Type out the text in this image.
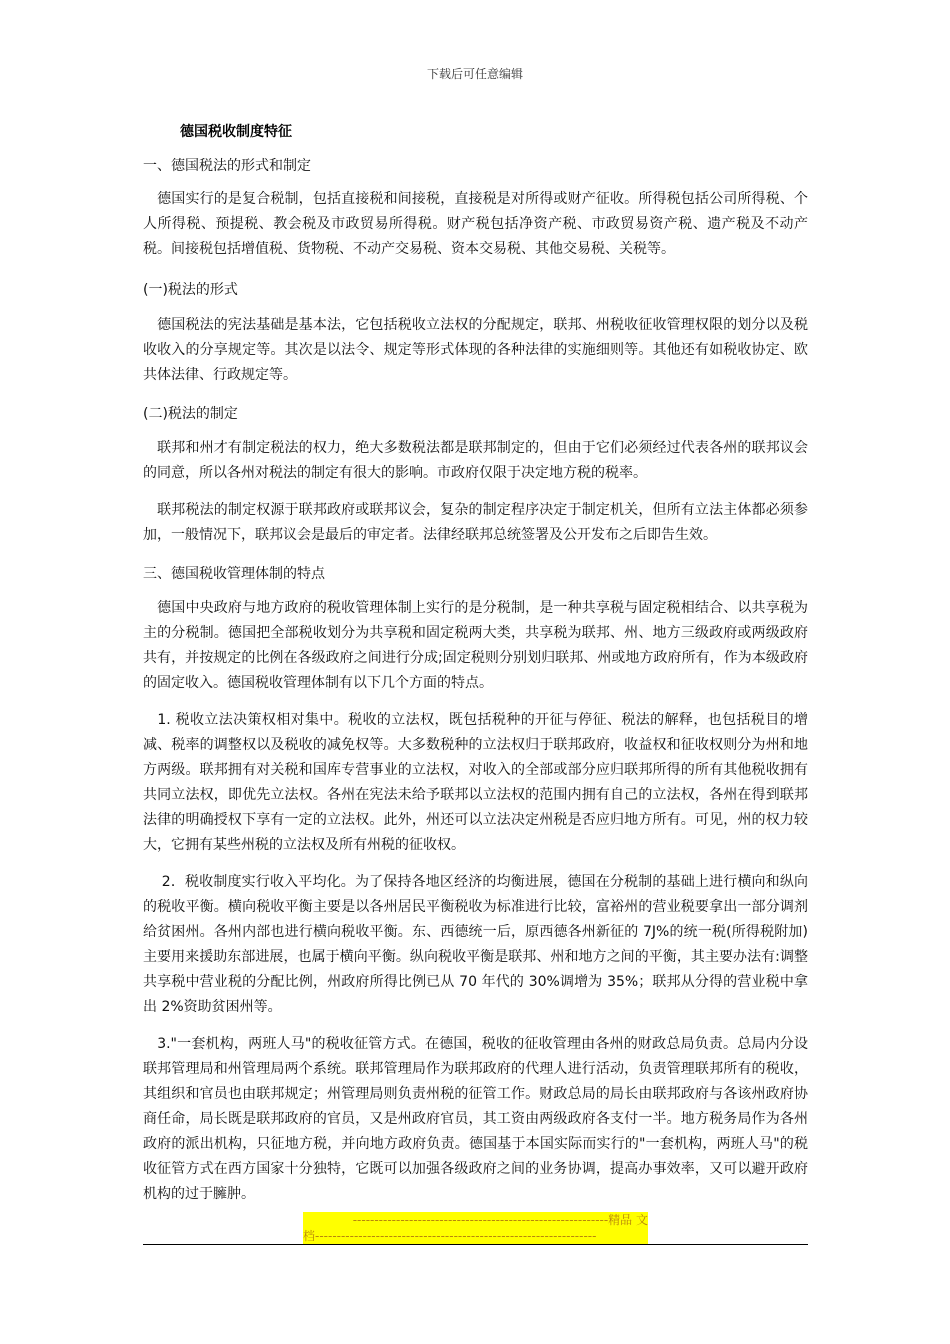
下载后可任意编辑
德国税收制度特征
一、德国税法的形式和制定

　德国实行的是复合税制，包括直接税和间接税，直接税是对所得或财产征收。所得税包括公司所得税、个人所得税、预提税、教会税及市政贸易所得税。财产税包括净资产税、市政贸易资产税、遗产税及不动产税。间接税包括增值税、货物税、不动产交易税、资本交易税、其他交易税、关税等。

(一)税法的形式

　德国税法的宪法基础是基本法，它包括税收立法权的分配规定，联邦、州税收征收管理权限的划分以及税收收入的分享规定等。其次是以法令、规定等形式体现的各种法律的实施细则等。其他还有如税收协定、欧共体法律、行政规定等。

(二)税法的制定

　联邦和州才有制定税法的权力，绝大多数税法都是联邦制定的，但由于它们必须经过代表各州的联邦议会的同意，所以各州对税法的制定有很大的影响。市政府仅限于决定地方税的税率。

　联邦税法的制定权源于联邦政府或联邦议会，复杂的制定程序决定于制定机关，但所有立法主体都必须参加，一般情况下，联邦议会是最后的审定者。法律经联邦总统签署及公开发布之后即告生效。

三、德国税收管理体制的特点

　德国中央政府与地方政府的税收管理体制上实行的是分税制，是一种共享税与固定税相结合、以共享税为主的分税制。德国把全部税收划分为共享税和固定税两大类，共享税为联邦、州、地方三级政府或两级政府共有，并按规定的比例在各级政府之间进行分成;固定税则分别划归联邦、州或地方政府所有，作为本级政府的固定收入。德国税收管理体制有以下几个方面的特点。

　1. 税收立法决策权相对集中。税收的立法权，既包括税种的开征与停征、税法的解释，也包括税目的增减、税率的调整权以及税收的减免权等。大多数税种的立法权归于联邦政府，收益权和征收权则分为州和地方两级。联邦拥有对关税和国库专营事业的立法权，对收入的全部或部分应归联邦所得的所有其他税收拥有共同立法权，即优先立法权。各州在宪法未给予联邦以立法权的范围内拥有自己的立法权，各州在得到联邦法律的明确授权下享有一定的立法权。此外，州还可以立法决定州税是否应归地方所有。可见，州的权力较大，它拥有某些州税的立法权及所有州税的征收权。

　 2．税收制度实行收入平均化。为了保持各地区经济的均衡进展，德国在分税制的基础上进行横向和纵向的税收平衡。横向税收平衡主要是以各州居民平衡税收为标准进行比较，富裕州的营业税要拿出一部分调剂给贫困州。各州内部也进行横向税收平衡。东、西德统一后，原西德各州新征的 7J%的统一税(所得税附加)主要用来援助东部进展，也属于横向平衡。纵向税收平衡是联邦、州和地方之间的平衡，其主要办法有:调整共享税中营业税的分配比例，州政府所得比例已从 70 年代的 30%调增为 35%；联邦从分得的营业税中拿出 2%资助贫困州等。

　3."一套机构，两班人马"的税收征管方式。在德国，税收的征收管理由各州的财政总局负责。总局内分设联邦管理局和州管理局两个系统。联邦管理局作为联邦政府的代理人进行活动，负责管理联邦所有的税收，其组织和官员也由联邦规定；州管理局则负责州税的征管工作。财政总局的局长由联邦政府与各该州政府协商任命，局长既是联邦政府的官员，又是州政府官员，其工资由两级政府各支付一半。地方税务局作为各州政府的派出机构，只征地方税，并向地方政府负责。德国基于本国实际而实行的"一套机构，两班人马"的税收征管方式在西方国家十分独特，它既可以加强各级政府之间的业务协调，提高办事效率，又可以避开政府机构的过于臃肿。

-----------------------------------------------------------精品 文
档-----------------------------------------------------------------
